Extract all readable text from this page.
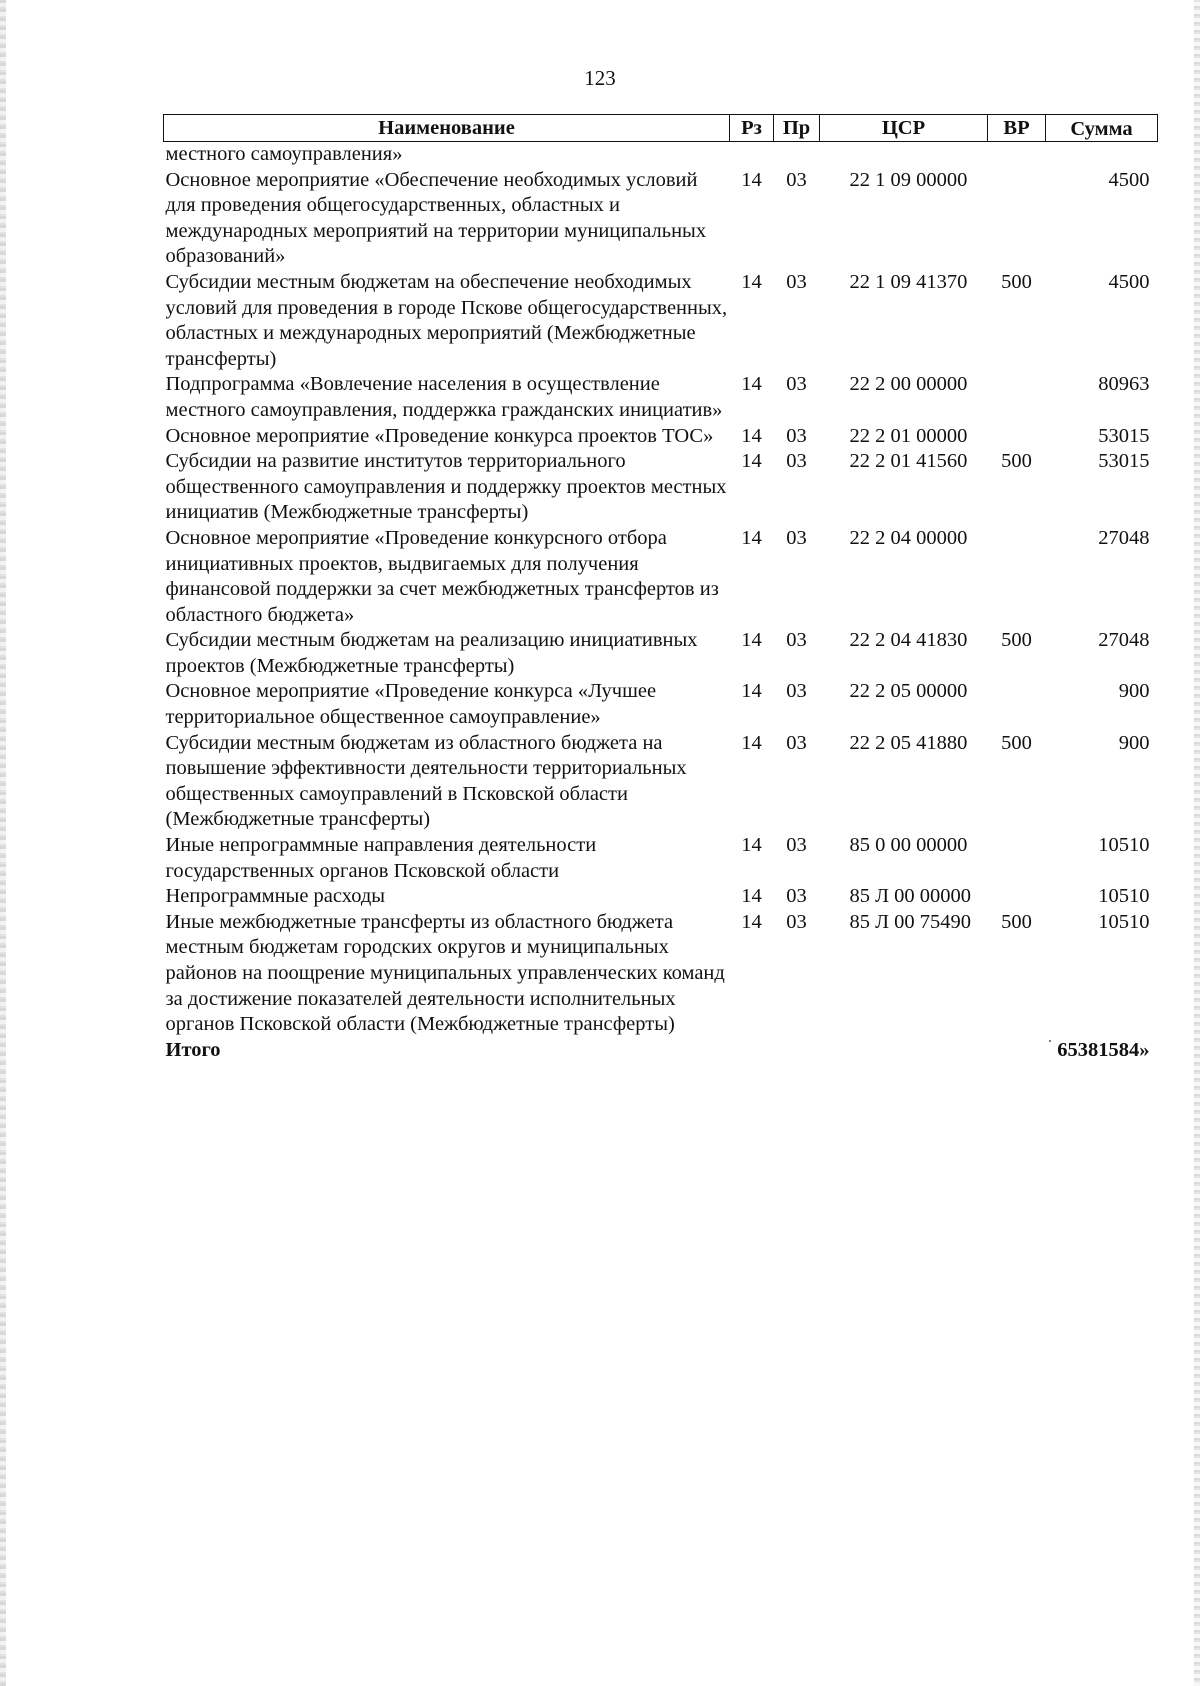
123
Наименование	Рз	Пр	ЦСР	ВР	Сумма
местного самоуправления»					
Основное мероприятие «Обеспечение необходимых условий для проведения общегосударственных, областных и международных мероприятий на территории муниципальных образований»	14	03	22 1 09 00000		4500
Субсидии местным бюджетам на обеспечение необходимых условий для проведения в городе Пскове общегосударственных, областных и международных мероприятий (Межбюджетные трансферты)	14	03	22 1 09 41370	500	4500
Подпрограмма «Вовлечение населения в осуществление местного самоуправления, поддержка гражданских инициатив»	14	03	22 2 00 00000		80963
Основное мероприятие «Проведение конкурса проектов ТОС»	14	03	22 2 01 00000		53015
Субсидии на развитие институтов территориального общественного самоуправления и поддержку проектов местных инициатив (Межбюджетные трансферты)	14	03	22 2 01 41560	500	53015
Основное мероприятие «Проведение конкурсного отбора инициативных проектов, выдвигаемых для получения финансовой поддержки за счет межбюджетных трансфертов из областного бюджета»	14	03	22 2 04 00000		27048
Субсидии местным бюджетам на реализацию инициативных проектов (Межбюджетные трансферты)	14	03	22 2 04 41830	500	27048
Основное мероприятие «Проведение конкурса «Лучшее территориальное общественное самоуправление»	14	03	22 2 05 00000		900
Субсидии местным бюджетам из областного бюджета на повышение эффективности деятельности территориальных общественных самоуправлений в Псковской области (Межбюджетные трансферты)	14	03	22 2 05 41880	500	900
Иные непрограммные направления деятельности государственных органов Псковской области	14	03	85 0 00 00000		10510
Непрограммные расходы	14	03	85 Л 00 00000		10510
Иные межбюджетные трансферты из областного бюджета местным бюджетам городских округов и муниципальных районов на поощрение муниципальных управленческих команд за достижение показателей деятельности исполнительных органов Псковской области (Межбюджетные трансферты)	14	03	85 Л 00 75490	500	10510
Итого					65381584»
